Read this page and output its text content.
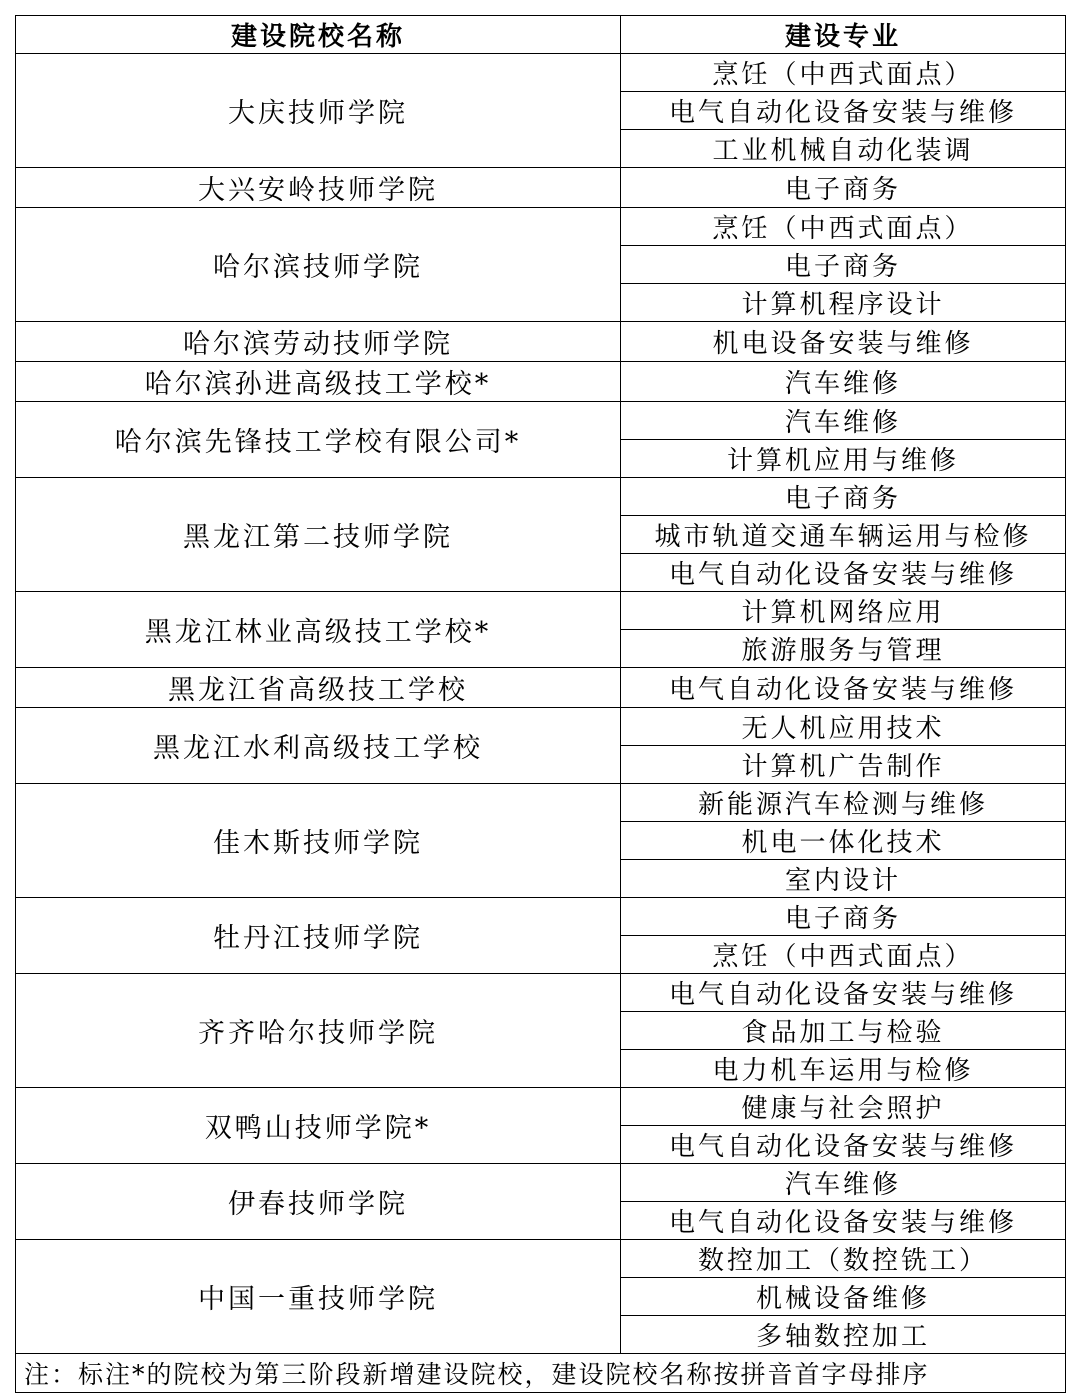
建设院校名称	建设专业
大庆技师学院	烹饪（中西式面点）
	电气自动化设备安装与维修
	工业机械自动化装调
大兴安岭技师学院	电子商务
哈尔滨技师学院	烹饪（中西式面点）
	电子商务
	计算机程序设计
哈尔滨劳动技师学院	机电设备安装与维修
哈尔滨孙进高级技工学校*	汽车维修
哈尔滨先锋技工学校有限公司*	汽车维修
	计算机应用与维修
黑龙江第二技师学院	电子商务
	城市轨道交通车辆运用与检修
	电气自动化设备安装与维修
黑龙江林业高级技工学校*	计算机网络应用
	旅游服务与管理
黑龙江省高级技工学校	电气自动化设备安装与维修
黑龙江水利高级技工学校	无人机应用技术
	计算机广告制作
佳木斯技师学院	新能源汽车检测与维修
	机电一体化技术
	室内设计
牡丹江技师学院	电子商务
	烹饪（中西式面点）
齐齐哈尔技师学院	电气自动化设备安装与维修
	食品加工与检验
	电力机车运用与检修
双鸭山技师学院*	健康与社会照护
	电气自动化设备安装与维修
伊春技师学院	汽车维修
	电气自动化设备安装与维修
中国一重技师学院	数控加工（数控铣工）
	机械设备维修
	多轴数控加工
注：标注*的院校为第三阶段新增建设院校，建设院校名称按拼音首字母排序	
